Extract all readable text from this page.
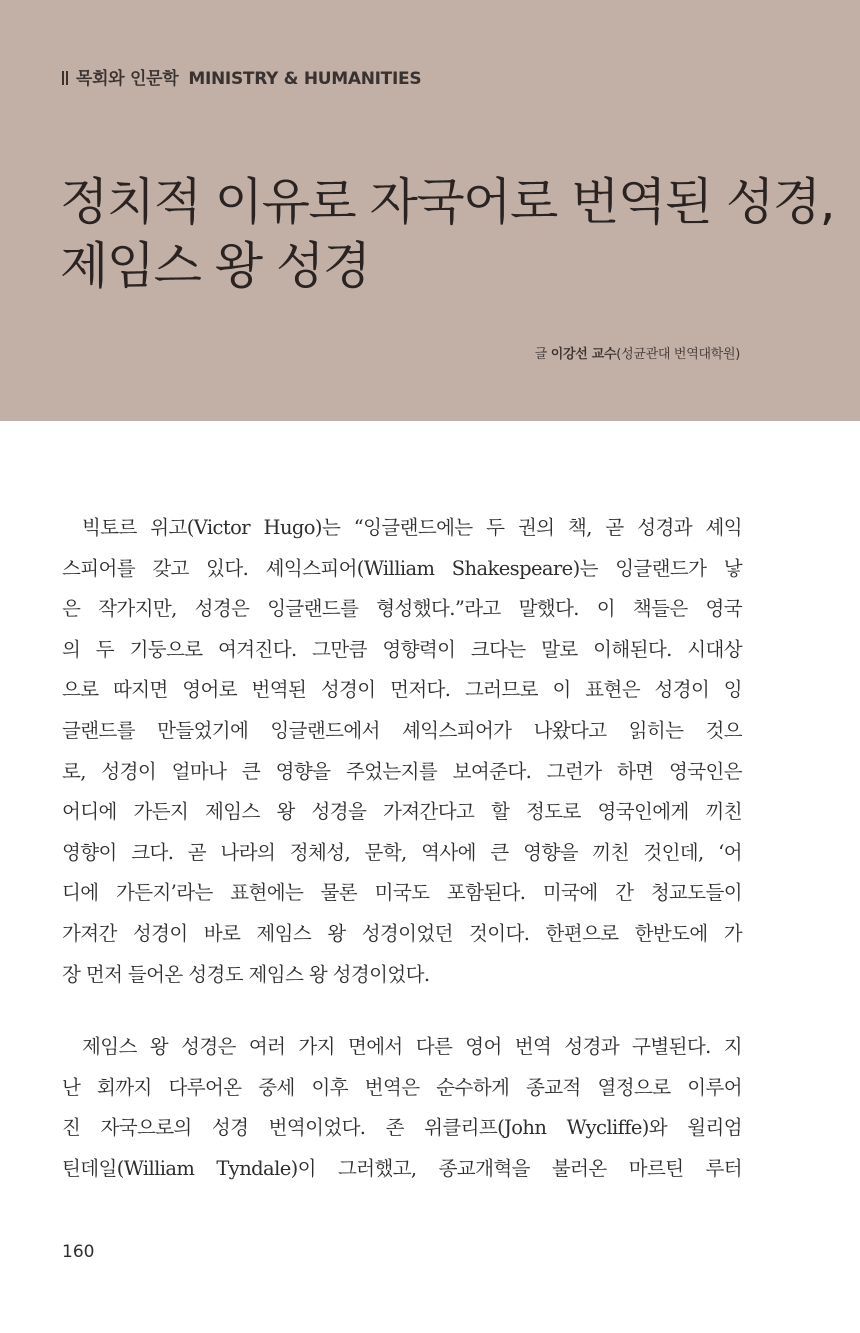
목회와 인문학 MINISTRY & HUMANITIES
정치적 이유로 자국어로 번역된 성경,
제임스 왕 성경
글 이강선 교수(성균관대 번역대학원)

빅토르 위고(Victor Hugo)는 “잉글랜드에는 두 권의 책, 곧 성경과 셰익
스피어를 갖고 있다. 셰익스피어(William Shakespeare)는 잉글랜드가 낳
은 작가지만, 성경은 잉글랜드를 형성했다.”라고 말했다. 이 책들은 영국
의 두 기둥으로 여겨진다. 그만큼 영향력이 크다는 말로 이해된다. 시대상
으로 따지면 영어로 번역된 성경이 먼저다. 그러므로 이 표현은 성경이 잉
글랜드를 만들었기에 잉글랜드에서 셰익스피어가 나왔다고 읽히는 것으
로, 성경이 얼마나 큰 영향을 주었는지를 보여준다. 그런가 하면 영국인은
어디에 가든지 제임스 왕 성경을 가져간다고 할 정도로 영국인에게 끼친
영향이 크다. 곧 나라의 정체성, 문학, 역사에 큰 영향을 끼친 것인데, ‘어
디에 가든지’라는 표현에는 물론 미국도 포함된다. 미국에 간 청교도들이
가져간 성경이 바로 제임스 왕 성경이었던 것이다. 한편으로 한반도에 가
장 먼저 들어온 성경도 제임스 왕 성경이었다.

제임스 왕 성경은 여러 가지 면에서 다른 영어 번역 성경과 구별된다. 지
난 회까지 다루어온 중세 이후 번역은 순수하게 종교적 열정으로 이루어
진 자국으로의 성경 번역이었다. 존 위클리프(John Wycliffe)와 윌리엄
틴데일(William Tyndale)이 그러했고, 종교개혁을 불러온 마르틴 루터

160
